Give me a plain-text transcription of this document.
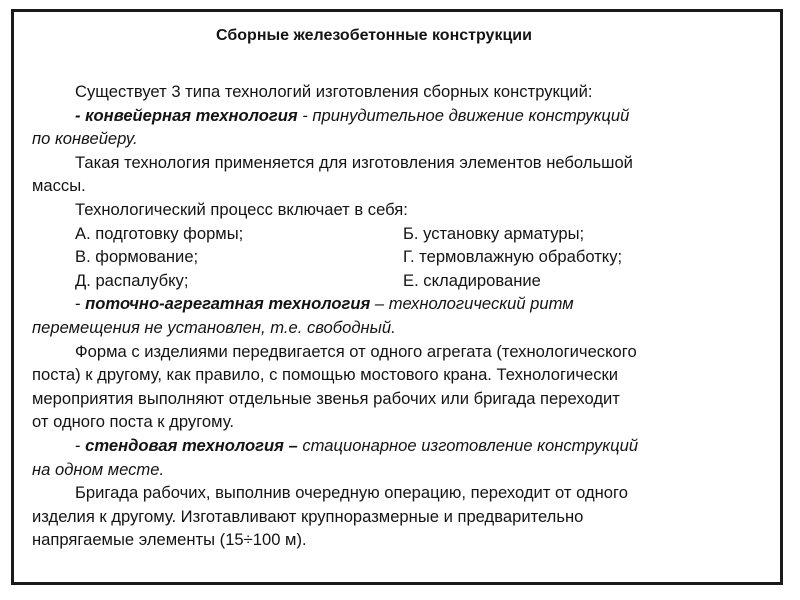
Сборные железобетонные конструкции
Существует 3 типа технологий изготовления сборных конструкций:
- конвейерная технология - принудительное движение конструкций
по конвейеру.
Такая технология применяется для изготовления элементов небольшой
массы.
Технологический процесс включает в себя:
А. подготовку формы;	Б. установку арматуры;
В. формование;	Г. термовлажную обработку;
Д. распалубку;	Е. складирование
- поточно-агрегатная технология – технологический ритм
перемещения не установлен, т.е. свободный.
Форма с изделиями передвигается от одного агрегата (технологического
поста) к другому, как правило, с помощью мостового крана. Технологически
мероприятия выполняют отдельные звенья рабочих или бригада переходит
от одного поста к другому.
- стендовая технология – стационарное изготовление конструкций
на одном месте.
Бригада рабочих, выполнив очередную операцию, переходит от одного
изделия к другому. Изготавливают крупноразмерные и предварительно
напрягаемые элементы (15÷100 м).
